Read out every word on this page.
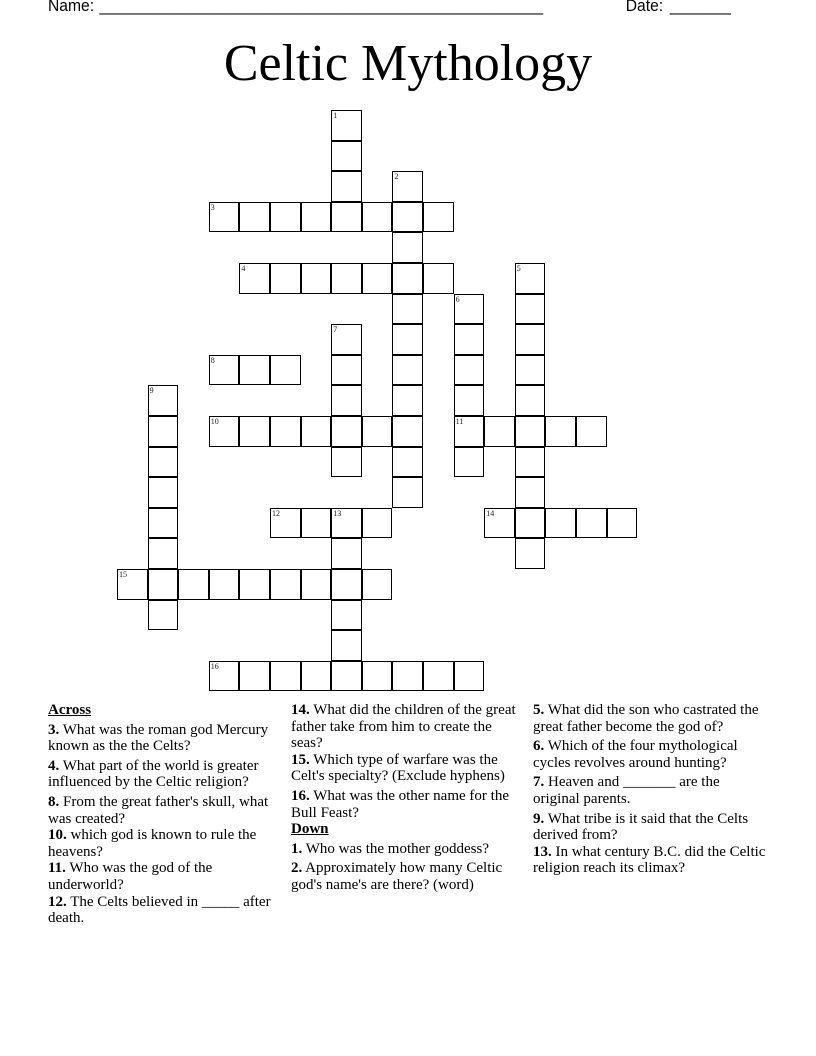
Name:

___________________________________________________

	Date:

_______

Celtic Mythology
1
2
3
4	5
6
11
7
8
9
10
12	13	14
15
16
Across
3. What was the roman god Mercury known as the the Celts?
4. What part of the world is greater influenced by the Celtic religion?
8. From the great father's skull, what was created?
10. which god is known to rule the heavens?
11. Who was the god of the underworld?
12. The Celts believed in _____ after death.
14. What did the children of the great father take from him to create the seas?
15. Which type of warfare was the Celt's specialty? (Exclude hyphens)
16. What was the other name for the Bull Feast?
Down
1. Who was the mother goddess?
2. Approximately how many Celtic god's name's are there? (word)
5. What did the son who castrated the great father become the god of?
6. Which of the four mythological cycles revolves around hunting?
7. Heaven and _______ are the original parents.
9. What tribe is it said that the Celts derived from?
13. In what century B.C. did the Celtic religion reach its climax?
